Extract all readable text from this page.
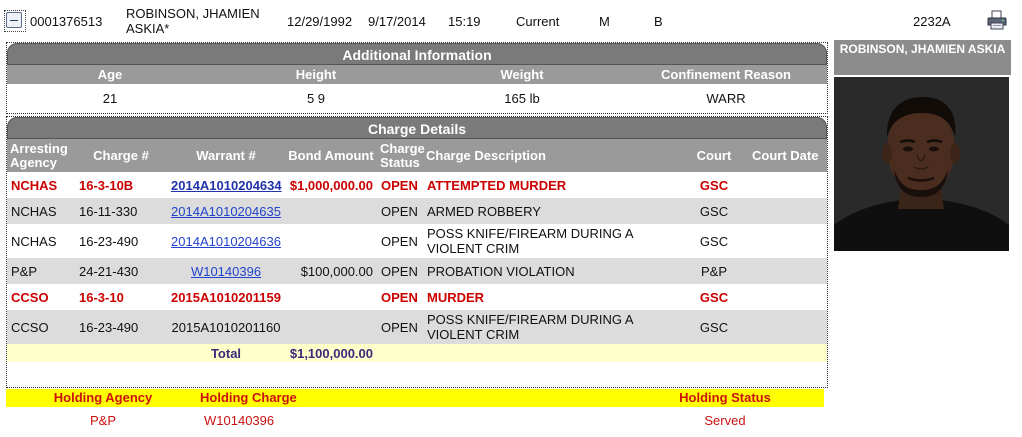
0001376513
ROBINSON, JHAMIEN ASKIA*	12/29/1992 9/17/2014 15:19	Current	M	B	2232A
Additional Information
Age	Height	Weight	Confinement Reason
21	5 9	165 lb	WARR
Charge Details
Arresting Agency	Charge #	Warrant #	Bond Amount	Charge Status	Charge Description	Court	Court Date
NCHAS	16-3-10B	2014A1010204634	$1,000,000.00	OPEN	ATTEMPTED MURDER	GSC	
NCHAS	16-11-330	2014A1010204635		OPEN	ARMED ROBBERY	GSC	
NCHAS	16-23-490	2014A1010204636		OPEN	POSS KNIFE/FIREARM DURING A VIOLENT CRIM	GSC	
P&P	24-21-430	W10140396	$100,000.00	OPEN	PROBATION VIOLATION	P&P	
CCSO	16-3-10	2015A1010201159		OPEN	MURDER	GSC	
CCSO	16-23-490	2015A1010201160		OPEN	POSS KNIFE/FIREARM DURING A VIOLENT CRIM	GSC	
		Total	$1,100,000.00				
Holding Agency	Holding Charge	Holding Status
P&P	W10140396	Served
ROBINSON, JHAMIEN ASKIA
